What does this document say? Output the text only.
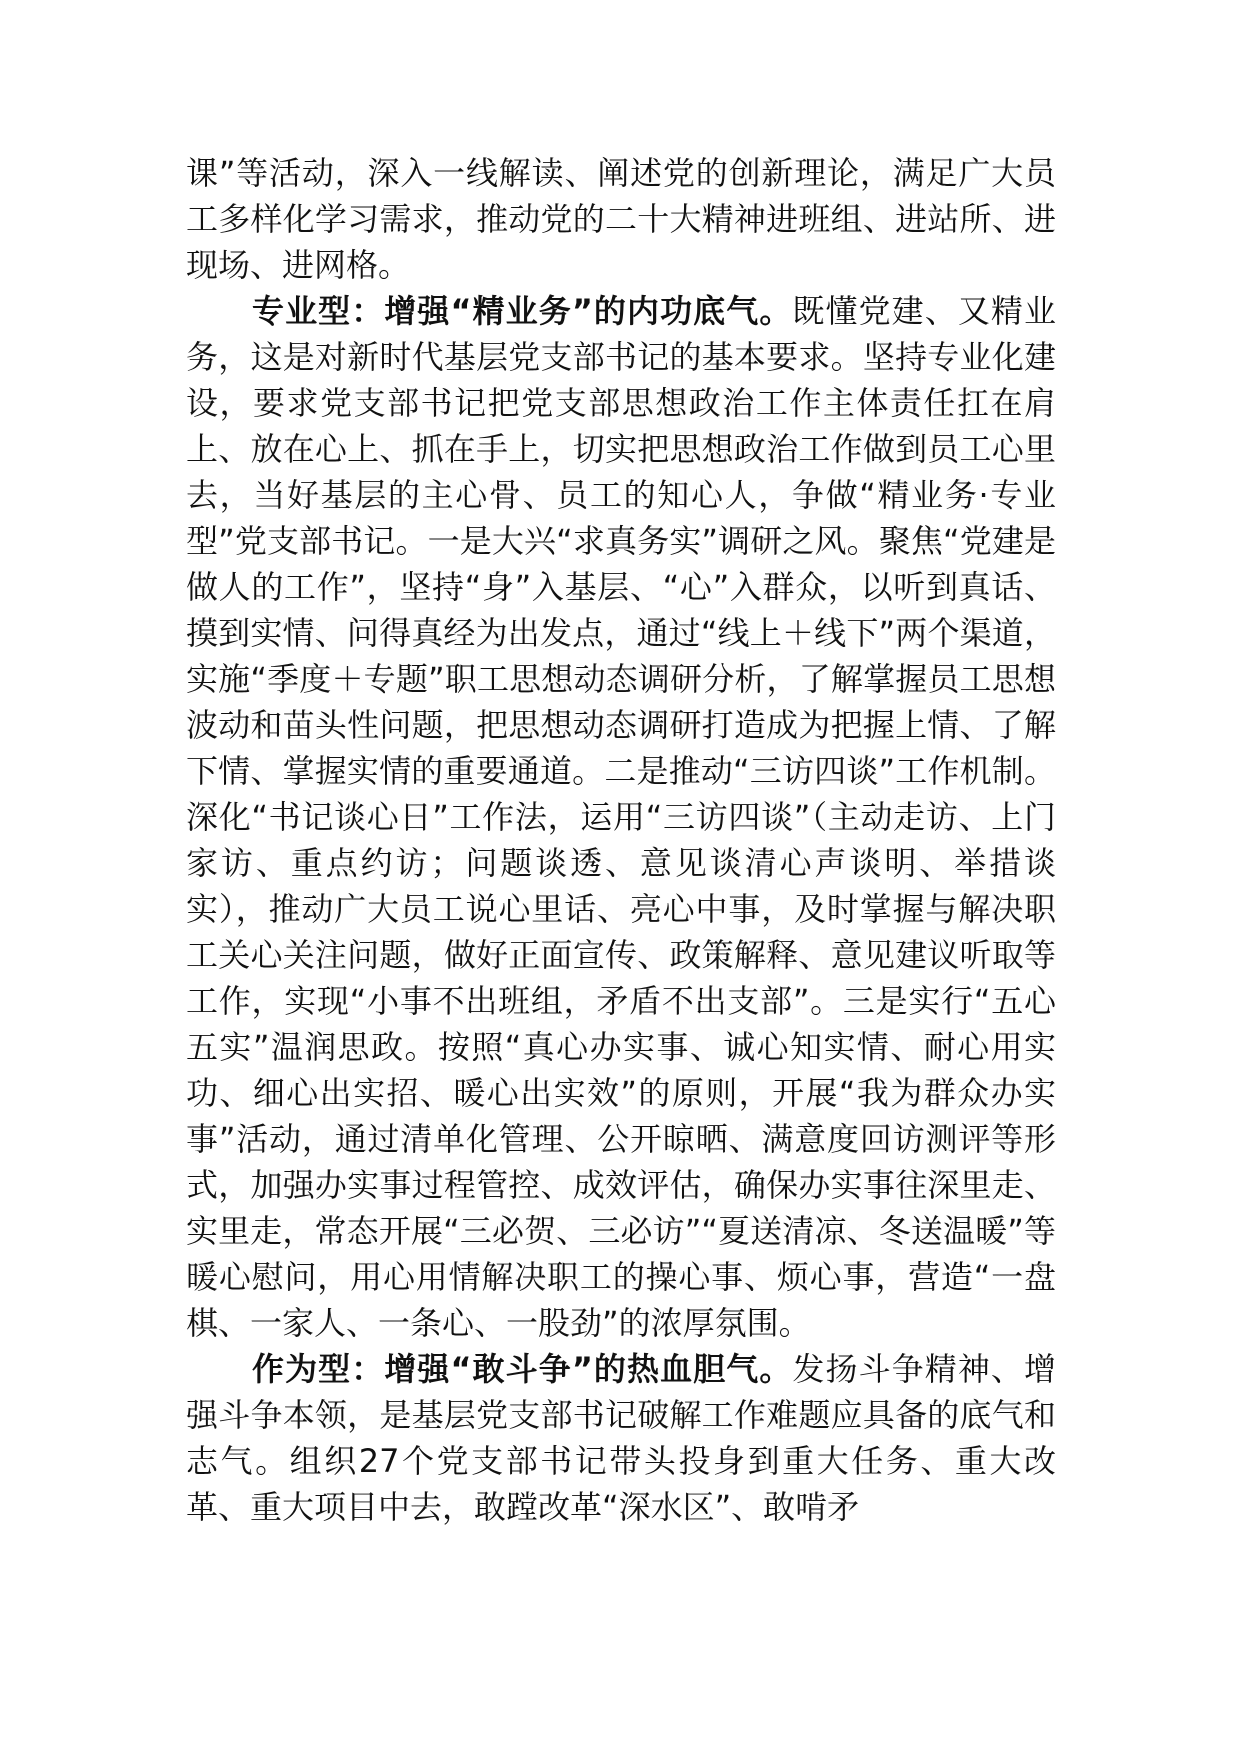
课”等活动，深入一线解读、阐述党的创新理论，满足广大员工多样化学习需求，推动党的二十大精神进班组、进站所、进现场、进网格。

专业型：增强“精业务”的内功底气。既懂党建、又精业务，这是对新时代基层党支部书记的基本要求。坚持专业化建设，要求党支部书记把党支部思想政治工作主体责任扛在肩上、放在心上、抓在手上，切实把思想政治工作做到员工心里去，当好基层的主心骨、员工的知心人，争做“精业务·专业型”党支部书记。一是大兴“求真务实”调研之风。聚焦“党建是做人的工作”，坚持“身”入基层、“心”入群众，以听到真话、摸到实情、问得真经为出发点，通过“线上＋线下”两个渠道，实施“季度＋专题”职工思想动态调研分析，了解掌握员工思想波动和苗头性问题，把思想动态调研打造成为把握上情、了解下情、掌握实情的重要通道。二是推动“三访四谈”工作机制。深化“书记谈心日”工作法，运用“三访四谈”（主动走访、上门家访、重点约访；问题谈透、意见谈清心声谈明、举措谈实），推动广大员工说心里话、亮心中事，及时掌握与解决职工关心关注问题，做好正面宣传、政策解释、意见建议听取等工作，实现“小事不出班组，矛盾不出支部”。三是实行“五心五实”温润思政。按照“真心办实事、诚心知实情、耐心用实功、细心出实招、暖心出实效”的原则，开展“我为群众办实事”活动，通过清单化管理、公开晾晒、满意度回访测评等形式，加强办实事过程管控、成效评估，确保办实事往深里走、实里走，常态开展“三必贺、三必访”“夏送清凉、冬送温暖”等暖心慰问，用心用情解决职工的操心事、烦心事，营造“一盘棋、一家人、一条心、一股劲”的浓厚氛围。

作为型：增强“敢斗争”的热血胆气。发扬斗争精神、增强斗争本领，是基层党支部书记破解工作难题应具备的底气和志气。组织27个党支部书记带头投身到重大任务、重大改革、重大项目中去，敢蹚改革“深水区”、敢啃矛
